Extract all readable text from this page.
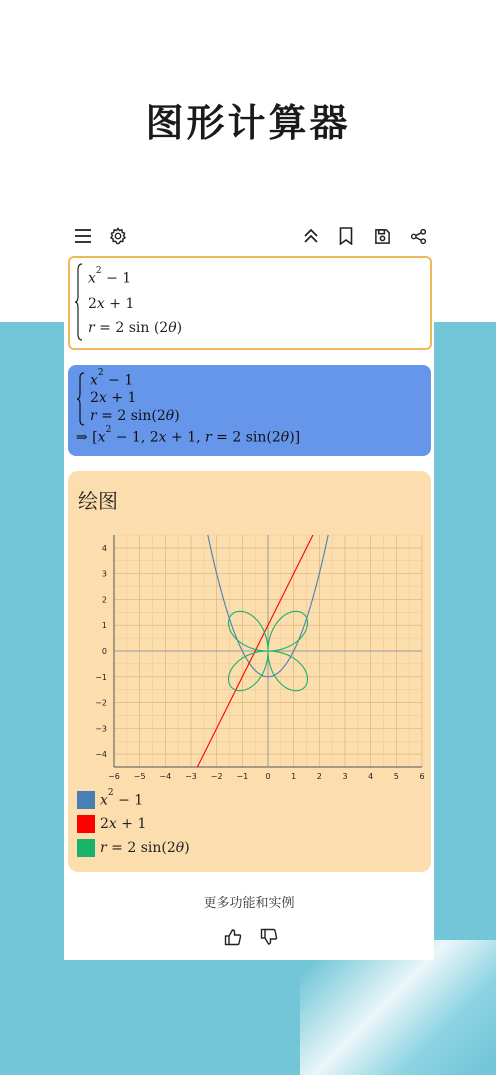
图形计算器
$x^2 - 1$
2x + 1
r = 2 sin (2θ)
$x^2 - 1$
2x + 1
r = 2 sin(2θ)
⇒ [$x^2 - 1$, 2x + 1, r = 2 sin(2θ)]
绘图
−6 −5 −4 −3 −2 −1 0	1	2	3	4	5	6
4
3
2
1
0
−1
−2
−3
−4
$x^2 - 1$
2x + 1
r = 2 sin(2θ)
更多功能和实例
